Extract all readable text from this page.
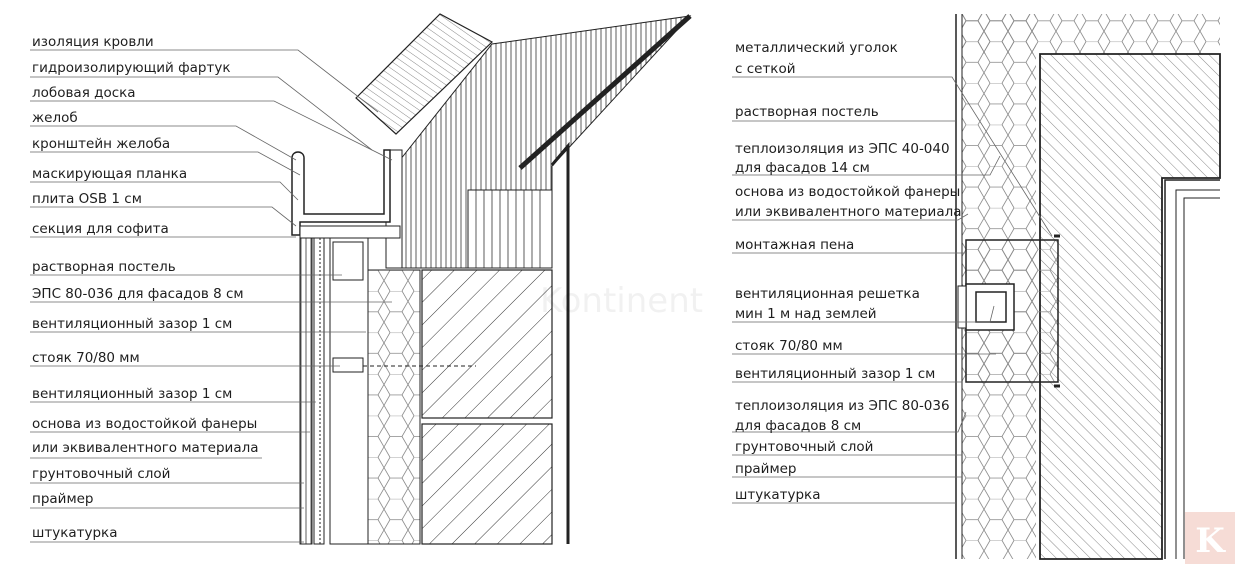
изоляция кровли
гидроизолирующий фартук
лобовая доска
желоб
кронштейн желоба
маскирующая планка
плита OSB 1 см
секция для софита
растворная постель
ЭПС 80-036 для фасадов 8 см
вентиляционный зазор 1 см
стояк 70/80 мм
вентиляционный зазор 1 см
основа из водостойкой фанеры
или эквивалентного материала
грунтовочный слой
праймер
штукатурка
металлический уголок
с сеткой
растворная постель
теплоизоляция из ЭПС 40-040
для фасадов 14 см
основа из водостойкой фанеры
или эквивалентного материала
монтажная пена
вентиляционная решетка
мин 1 м над землей
стояк 70/80 мм
вентиляционный зазор 1 см
теплоизоляция из ЭПС 80-036
для фасадов 8 см
грунтовочный слой
праймер
штукатурка
Kontinent
K
